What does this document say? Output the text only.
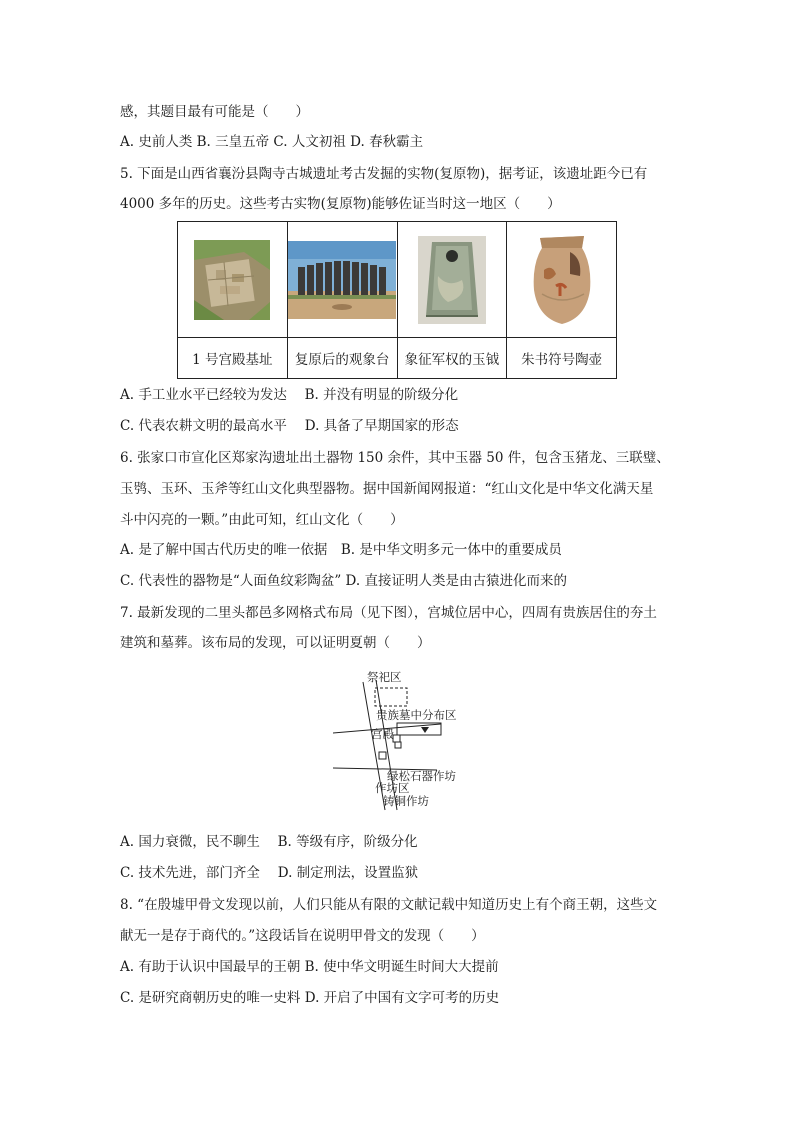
感，其题目最有可能是（　　）
A. 史前人类 B. 三皇五帝 C. 人文初祖 D. 春秋霸主
5. 下面是山西省襄汾县陶寺古城遗址考古发掘的实物(复原物)，据考证，该遗址距今已有
4000 多年的历史。这些考古实物(复原物)能够佐证当时这一地区（　　）

1 号宫殿基址	复原后的观象台	象征军权的玉钺	朱书符号陶壶
A. 手工业水平已经较为发达　 B. 并没有明显的阶级分化
C. 代表农耕文明的最高水平　 D. 具备了早期国家的形态
6. 张家口市宣化区郑家沟遗址出土器物 150 余件，其中玉器 50 件，包含玉猪龙、三联璧、
玉鸮、玉环、玉斧等红山文化典型器物。据中国新闻网报道：“红山文化是中华文化满天星
斗中闪亮的一颗。”由此可知，红山文化（　　）
A. 是了解中国古代历史的唯一依据　B. 是中华文明多元一体中的重要成员
C. 代表性的器物是“人面鱼纹彩陶盆” D. 直接证明人类是由古猿进化而来的
7. 最新发现的二里头都邑多网格式布局（见下图），宫城位居中心，四周有贵族居住的夯土
建筑和墓葬。该布局的发现，可以证明夏朝（　　）
祭祀区
贵族墓中分布区
宫殿
绿松石器作坊
作坊区
铸铜作坊
A. 国力衰微，民不聊生　 B. 等级有序，阶级分化
C. 技术先进，部门齐全　 D. 制定刑法，设置监狱
8. “在殷墟甲骨文发现以前，人们只能从有限的文献记载中知道历史上有个商王朝，这些文
献无一是存于商代的。”这段话旨在说明甲骨文的发现（　　）
A. 有助于认识中国最早的王朝 B. 使中华文明诞生时间大大提前
C. 是研究商朝历史的唯一史料 D. 开启了中国有文字可考的历史
